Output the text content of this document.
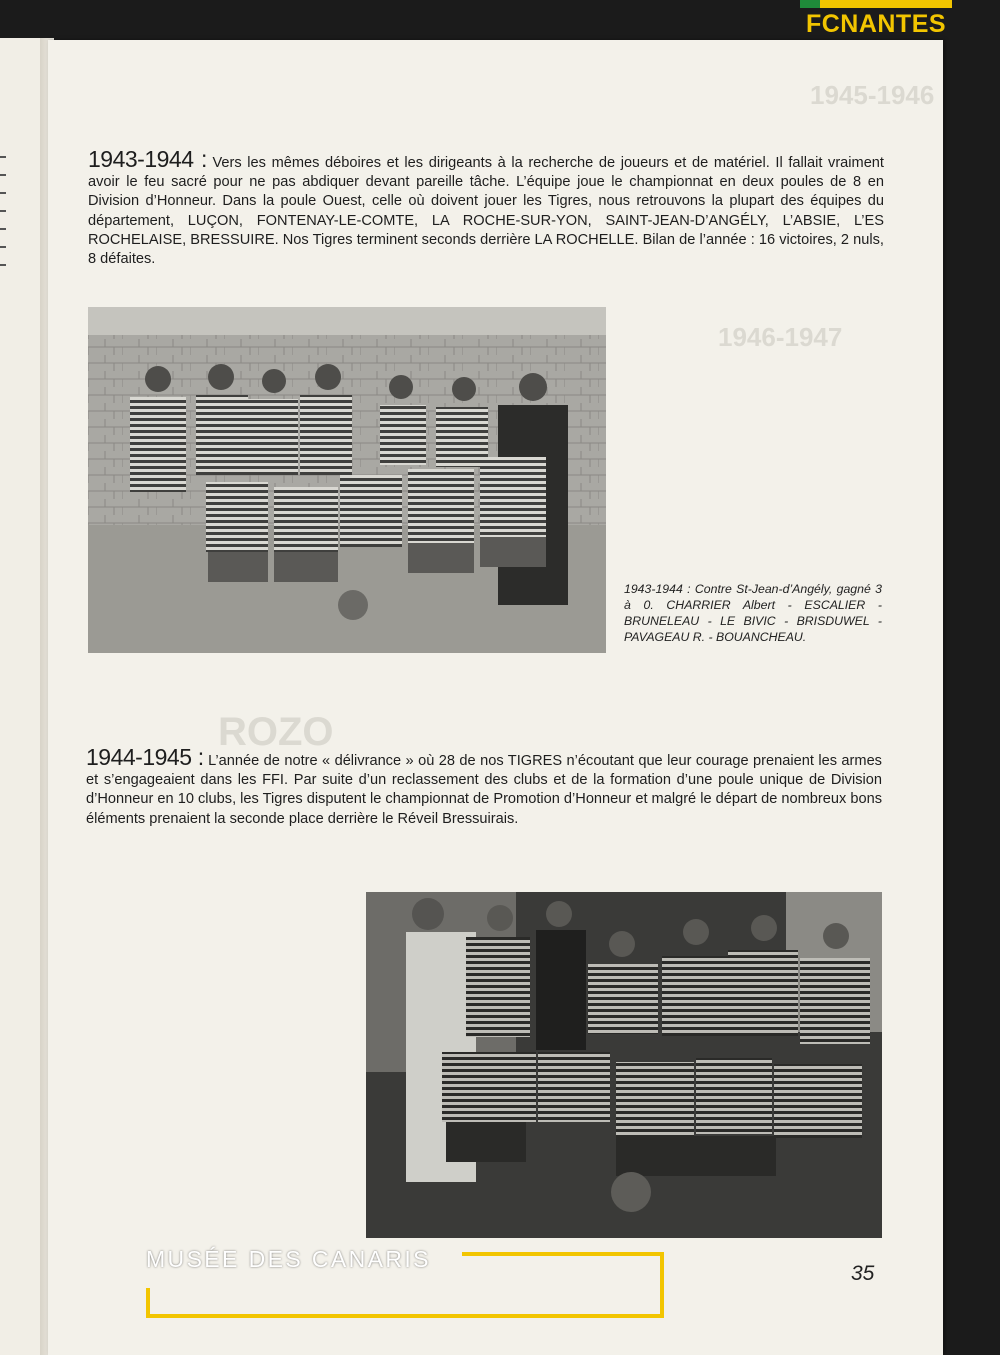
1945-1946
1946-1947
ROZO
1943-1944 : Vers les mêmes déboires et les dirigeants à la recherche de joueurs et de matériel. Il fallait vraiment avoir le feu sacré pour ne pas abdiquer devant pareille tâche. L’équipe joue le championnat en deux poules de 8 en Division d’Honneur. Dans la poule Ouest, celle où doivent jouer les Tigres, nous retrouvons la plupart des équipes du département, LUÇON, FONTENAY-LE-COMTE, LA ROCHE-SUR-YON, SAINT-JEAN-D’ANGÉLY, L’ABSIE, L’ES ROCHELAISE, BRESSUIRE. Nos Tigres terminent seconds derrière LA ROCHELLE. Bilan de l’année : 16 victoires, 2 nuls, 8 défaites.
1943-1944 : Contre St-Jean-d’Angély, gagné 3 à 0. CHARRIER Albert - ESCALIER - BRUNELEAU - LE BIVIC - BRISDUWEL - PAVAGEAU R. - BOUANCHEAU.
1944-1945 : L’année de notre « délivrance » où 28 de nos TIGRES n’écoutant que leur courage prenaient les armes et s’engageaient dans les FFI. Par suite d’un reclassement des clubs et de la formation d’une poule unique de Division d’Honneur en 10 clubs, les Tigres disputent le championnat de Promotion d’Honneur et malgré le départ de nombreux bons éléments prenaient la seconde place derrière le Réveil Bressuirais.
35
FCNANTES
MUSÉE DES CANARIS
